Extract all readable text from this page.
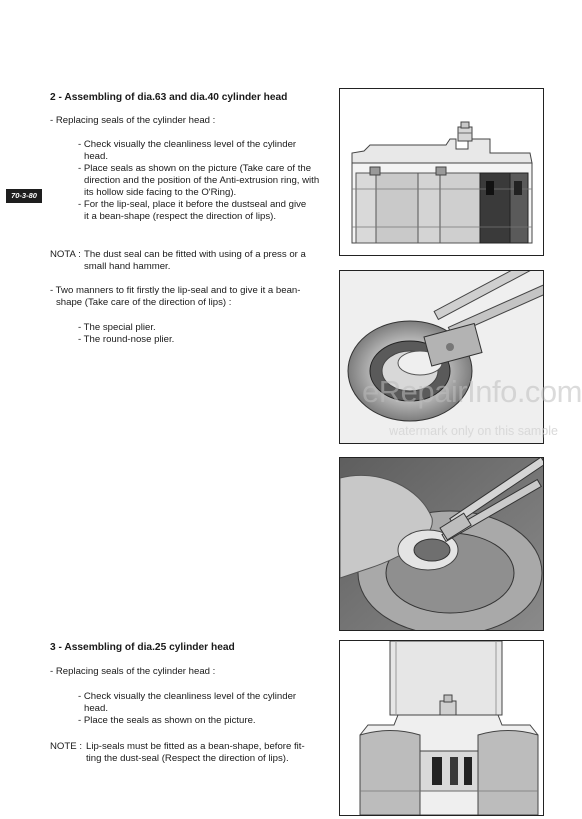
70-3-80
2 - Assembling of dia.63 and dia.40 cylinder head
- Replacing seals of the cylinder head :
- Check visually the cleanliness level of the cylinder
head.
- Place seals as shown on the picture (Take care of the
direction and the position of the Anti-extrusion ring, with
its hollow side facing to the O'Ring).
- For the lip-seal, place it before the dustseal and give
it a bean-shape (respect the direction of lips).
NOTA : The dust seal can be fitted with using of a press or a
small hand hammer.
- Two manners to fit firstly the lip-seal and to give it a bean-
shape (Take care of the direction of lips) :
- The special plier.
- The round-nose plier.
3 - Assembling of dia.25 cylinder head
- Replacing seals of the cylinder head :
- Check visually the cleanliness level of the cylinder
head.
- Place the seals as shown on the picture.
NOTE : Lip-seals must be fitted as a bean-shape, before fit-
ting the dust-seal (Respect the direction of lips).
eRepairInfo.com
watermark only on this sample
